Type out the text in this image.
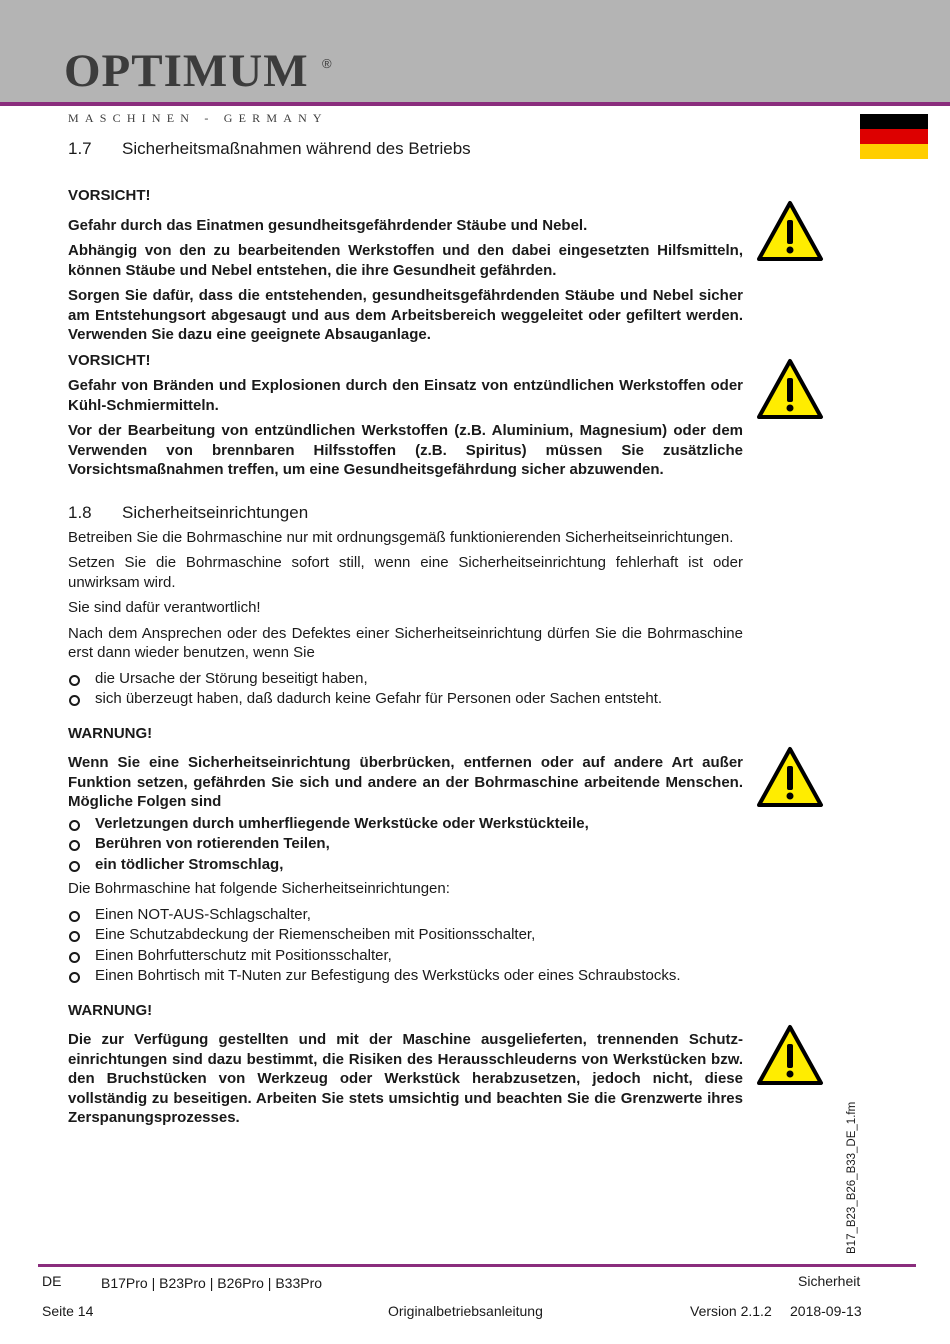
OPTIMUM ®
MASCHINEN - GERMANY
1.7	Sicherheitsmaßnahmen während des Betriebs

VORSICHT!

Gefahr durch das Einatmen gesundheitsgefährdender Stäube und Nebel.

Abhängig von den zu bearbeitenden Werkstoffen und den dabei eingesetzten Hilfsmitteln, können Stäube und Nebel entstehen, die ihre Gesundheit gefährden.

Sorgen Sie dafür, dass die entstehenden, gesundheitsgefährdenden Stäube und Nebel sicher am Entstehungsort abgesaugt und aus dem Arbeitsbereich weggeleitet oder gefiltert werden. Verwenden Sie dazu eine geeignete Absauganlage.

VORSICHT!

Gefahr von Bränden und Explosionen durch den Einsatz von entzündlichen Werkstoffen oder Kühl-Schmiermitteln.

Vor der Bearbeitung von entzündlichen Werkstoffen (z.B. Aluminium, Magnesium) oder dem Verwenden von brennbaren Hilfsstoffen (z.B. Spiritus) müssen Sie zusätzliche Vorsichtsmaßnahmen treffen, um eine Gesundheitsgefährdung sicher abzuwenden.

1.8	Sicherheitseinrichtungen

Betreiben Sie die Bohrmaschine nur mit ordnungsgemäß funktionierenden Sicherheitseinrichtungen.

Setzen Sie die Bohrmaschine sofort still, wenn eine Sicherheitseinrichtung fehlerhaft ist oder unwirksam wird.

Sie sind dafür verantwortlich!

Nach dem Ansprechen oder des Defektes einer Sicherheitseinrichtung dürfen Sie die Bohrmaschine erst dann wieder benutzen, wenn Sie

die Ursache der Störung beseitigt haben,
sich überzeugt haben, daß dadurch keine Gefahr für Personen oder Sachen entsteht.

WARNUNG!

Wenn Sie eine Sicherheitseinrichtung überbrücken, entfernen oder auf andere Art außer Funktion setzen, gefährden Sie sich und andere an der Bohrmaschine arbeitende Menschen. Mögliche Folgen sind

Verletzungen durch umherfliegende Werkstücke oder Werkstückteile,
Berühren von rotierenden Teilen,
ein tödlicher Stromschlag,

Die Bohrmaschine hat folgende Sicherheitseinrichtungen:

Einen NOT-AUS-Schlagschalter,
Eine Schutzabdeckung der Riemenscheiben mit Positionsschalter,
Einen Bohrfutterschutz mit Positionsschalter,
Einen Bohrtisch mit T-Nuten zur Befestigung des Werkstücks oder eines Schraubstocks.

WARNUNG!

Die zur Verfügung gestellten und mit der Maschine ausgelieferten, trennenden Schutzeinrichtungen sind dazu bestimmt, die Risiken des Herausschleuderns von Werkstücken bzw. den Bruchstücken von Werkzeug oder Werkstück herabzusetzen, jedoch nicht, diese vollständig zu beseitigen. Arbeiten Sie stets umsichtig und beachten Sie die Grenzwerte ihres Zerspanungsprozesses.	B17_B23_B26_B33_DE_1.fm
DE	B17Pro | B23Pro | B26Pro | B33Pro	Sicherheit
Seite 14	Originalbetriebsanleitung	Version 2.1.2 2018-09-13
